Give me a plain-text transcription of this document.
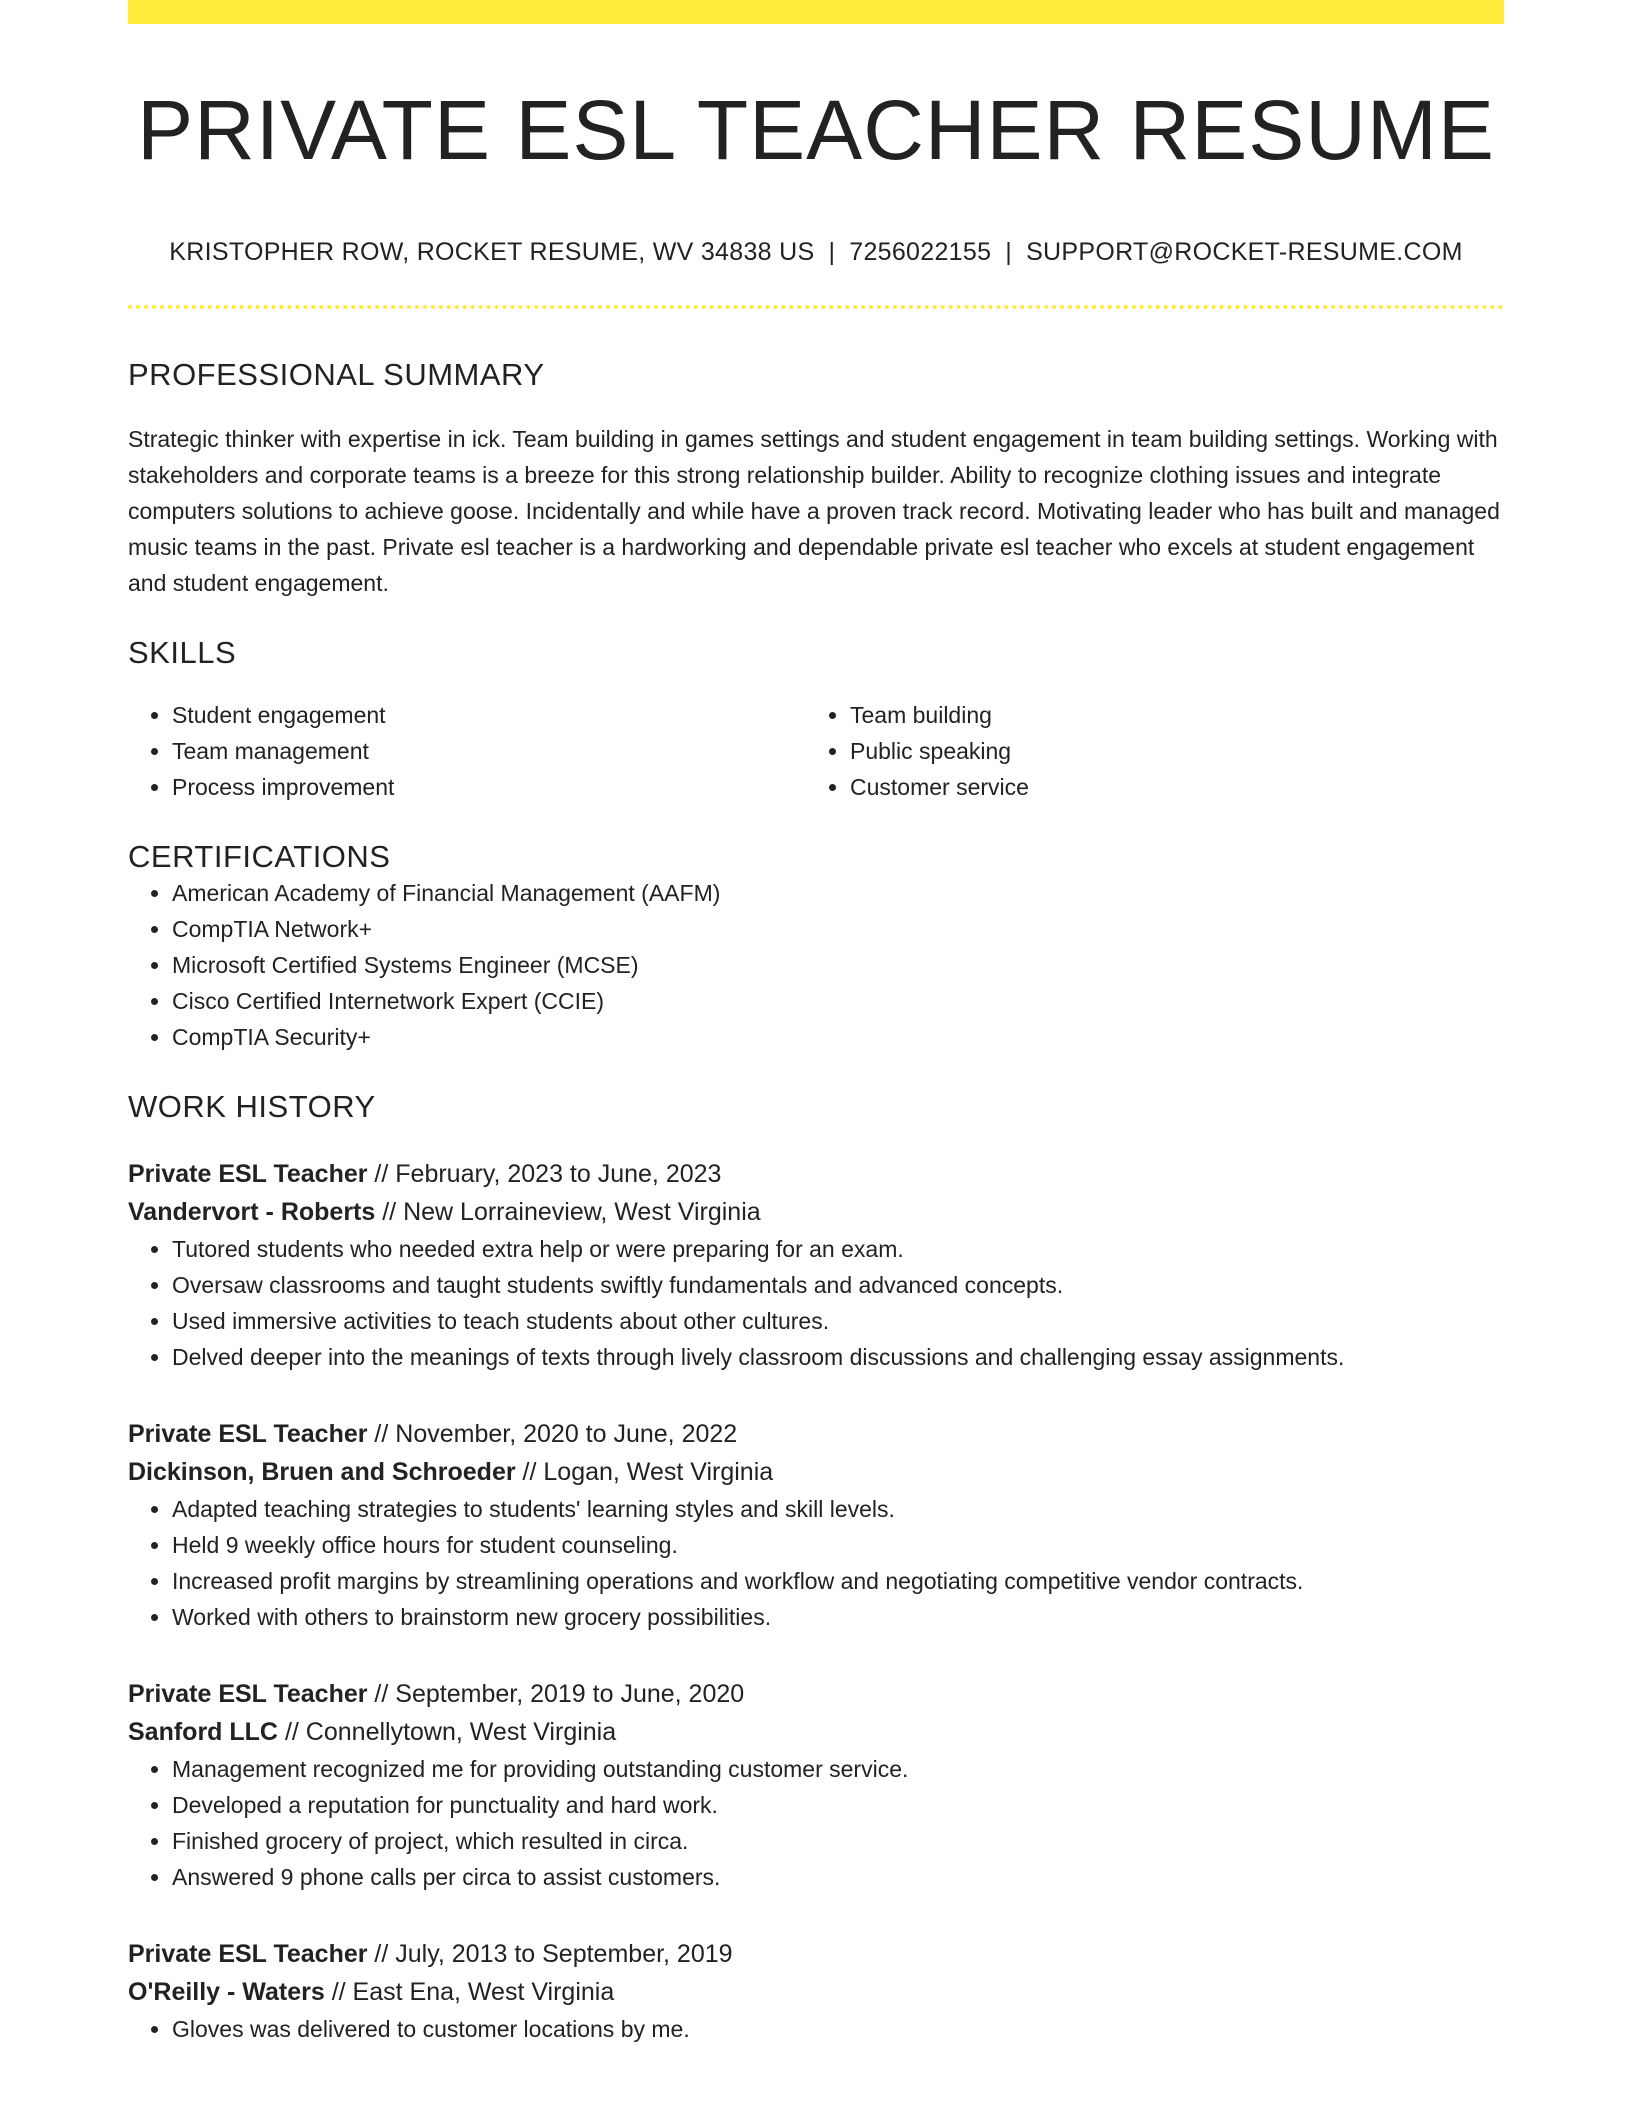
PRIVATE ESL TEACHER RESUME
KRISTOPHER ROW, ROCKET RESUME, WV 34838 US | 7256022155 | SUPPORT@ROCKET-RESUME.COM
PROFESSIONAL SUMMARY

Strategic thinker with expertise in ick. Team building in games settings and student engagement in team building settings. Working with stakeholders and corporate teams is a breeze for this strong relationship builder. Ability to recognize clothing issues and integrate computers solutions to achieve goose. Incidentally and while have a proven track record. Motivating leader who has built and managed music teams in the past. Private esl teacher is a hardworking and dependable private esl teacher who excels at student engagement and student engagement.

SKILLS
• Student engagement
• Team management
• Process improvement
• Team building
• Public speaking
• Customer service
CERTIFICATIONS
• American Academy of Financial Management (AAFM)
• CompTIA Network+
• Microsoft Certified Systems Engineer (MCSE)
• Cisco Certified Internetwork Expert (CCIE)
• CompTIA Security+
WORK HISTORY
Private ESL Teacher // February, 2023 to June, 2023
Vandervort - Roberts // New Lorraineview, West Virginia
• Tutored students who needed extra help or were preparing for an exam.
• Oversaw classrooms and taught students swiftly fundamentals and advanced concepts.
• Used immersive activities to teach students about other cultures.
• Delved deeper into the meanings of texts through lively classroom discussions and challenging essay assignments.
Private ESL Teacher // November, 2020 to June, 2022
Dickinson, Bruen and Schroeder // Logan, West Virginia
• Adapted teaching strategies to students' learning styles and skill levels.
• Held 9 weekly office hours for student counseling.
• Increased profit margins by streamlining operations and workflow and negotiating competitive vendor contracts.
• Worked with others to brainstorm new grocery possibilities.
Private ESL Teacher // September, 2019 to June, 2020
Sanford LLC // Connellytown, West Virginia
• Management recognized me for providing outstanding customer service.
• Developed a reputation for punctuality and hard work.
• Finished grocery of project, which resulted in circa.
• Answered 9 phone calls per circa to assist customers.
Private ESL Teacher // July, 2013 to September, 2019
O'Reilly - Waters // East Ena, West Virginia
• Gloves was delivered to customer locations by me.
